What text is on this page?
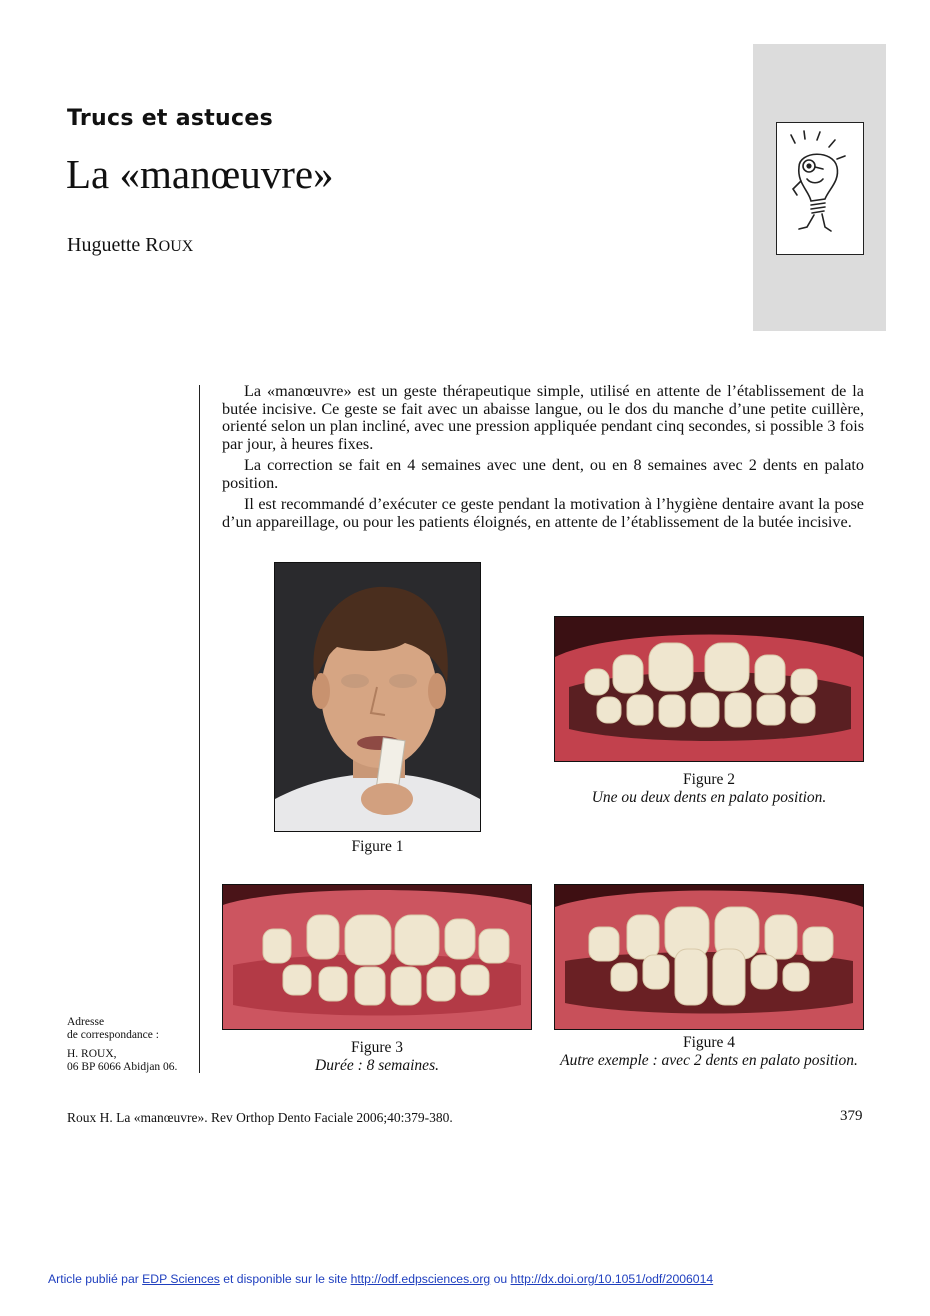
Trucs et astuces
La «manœuvre»
Huguette ROUX

La «manœuvre» est un geste thérapeutique simple, utilisé en attente de l’établissement de la butée incisive. Ce geste se fait avec un abaisse langue, ou le dos du manche d’une petite cuillère, orienté selon un plan incliné, avec une pression appliquée pendant cinq secondes, si possible 3 fois par jour, à heures fixes.

La correction se fait en 4 semaines avec une dent, ou en 8 semaines avec 2 dents en palato position.

Il est recommandé d’exécuter ce geste pendant la motivation à l’hygiène dentaire avant la pose d’un appareillage, ou pour les patients éloignés, en attente de l’établissement de la butée incisive.

Figure 1
Figure 2
Une ou deux dents en palato position.
Figure 3
Durée : 8 semaines.
Figure 4
Autre exemple : avec 2 dents en palato position.
Adresse
de correspondance :
H. ROUX,
06 BP 6066 Abidjan 06.
Roux H. La «manœuvre». Rev Orthop Dento Faciale 2006;40:379-380.	379
Article publié par EDP Sciences et disponible sur le site http://odf.edpsciences.org ou http://dx.doi.org/10.1051/odf/2006014
